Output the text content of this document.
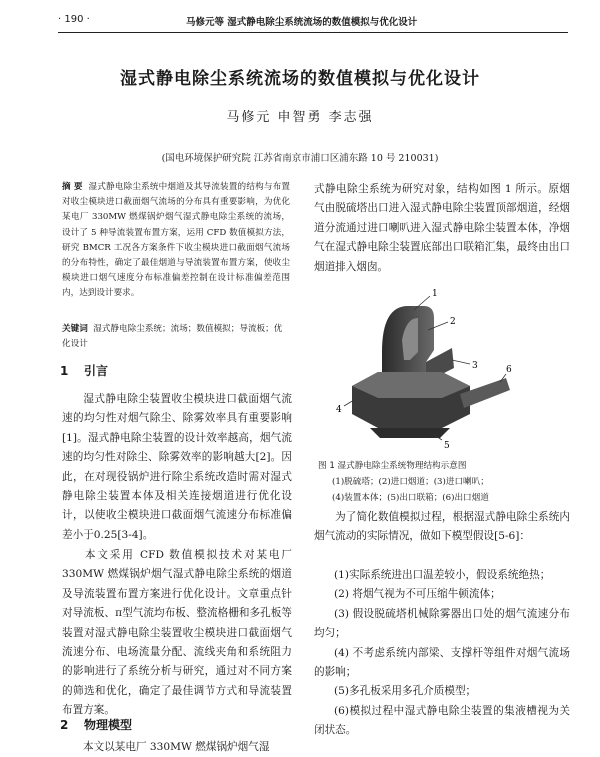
· 190 ·	马修元等 湿式静电除尘系统流场的数值模拟与优化设计
湿式静电除尘系统流场的数值模拟与优化设计
马修元 申智勇 李志强
(国电环境保护研究院 江苏省南京市浦口区浦东路 10 号 210031)
摘 要 湿式静电除尘系统中烟道及其导流装置的结构与布置对收尘模块进口截面烟气流场的分布具有重要影响，为优化某电厂 330MW 燃煤锅炉烟气湿式静电除尘系统的流场，设计了 5 种导流装置布置方案，运用 CFD 数值模拟方法，研究 BMCR 工况各方案条件下收尘模块进口截面烟气流场的分布特性，确定了最佳烟道与导流装置布置方案，使收尘模块进口烟气速度分布标准偏差控制在设计标准偏差范围内，达到设计要求。
关键词 湿式静电除尘系统；流场；数值模拟；导流板；优化设计
1 引言
湿式静电除尘装置收尘模块进口截面烟气流速的均匀性对烟气除尘、除雾效率具有重要影响[1]。湿式静电除尘装置的设计效率越高，烟气流速的均匀性对除尘、除雾效率的影响越大[2]。因此，在对现役锅炉进行除尘系统改造时需对湿式静电除尘装置本体及相关连接烟道进行优化设计，以使收尘模块进口截面烟气流速分布标准偏差小于0.25[3-4]。
本文采用 CFD 数值模拟技术对某电厂 330MW 燃煤锅炉烟气湿式静电除尘系统的烟道及导流装置布置方案进行优化设计。文章重点针对导流板、π型气流均布板、整流格栅和多孔板等装置对湿式静电除尘装置收尘模块进口截面烟气流速分布、电场流量分配、流线夹角和系统阻力的影响进行了系统分析与研究，通过对不同方案的筛选和优化，确定了最佳调节方式和导流装置布置方案。
2 物理模型
本文以某电厂 330MW 燃煤锅炉烟气湿
式静电除尘系统为研究对象，结构如图 1 所示。原烟气由脱硫塔出口进入湿式静电除尘装置顶部烟道，经烟道分流通过进口喇叭进入湿式静电除尘装置本体，净烟气在湿式静电除尘装置底部出口联箱汇集，最终由出口烟道排入烟囱。
1
2
3
4
5
6
图 1 湿式静电除尘系统物理结构示意图
(1)脱硫塔；(2)进口烟道；(3)进口喇叭；
(4)装置本体；(5)出口联箱；(6)出口烟道
为了简化数值模拟过程，根据湿式静电除尘系统内烟气流动的实际情况，做如下模型假设[5-6]：

(1)实际系统进出口温差较小，假设系统绝热；

(2) 将烟气视为不可压缩牛顿流体；

(3) 假设脱硫塔机械除雾器出口处的烟气流速分布均匀；

(4) 不考虑系统内部梁、支撑杆等组件对烟气流场的影响；

(5)多孔板采用多孔介质模型；

(6)模拟过程中湿式静电除尘装置的集液槽视为关闭状态。
